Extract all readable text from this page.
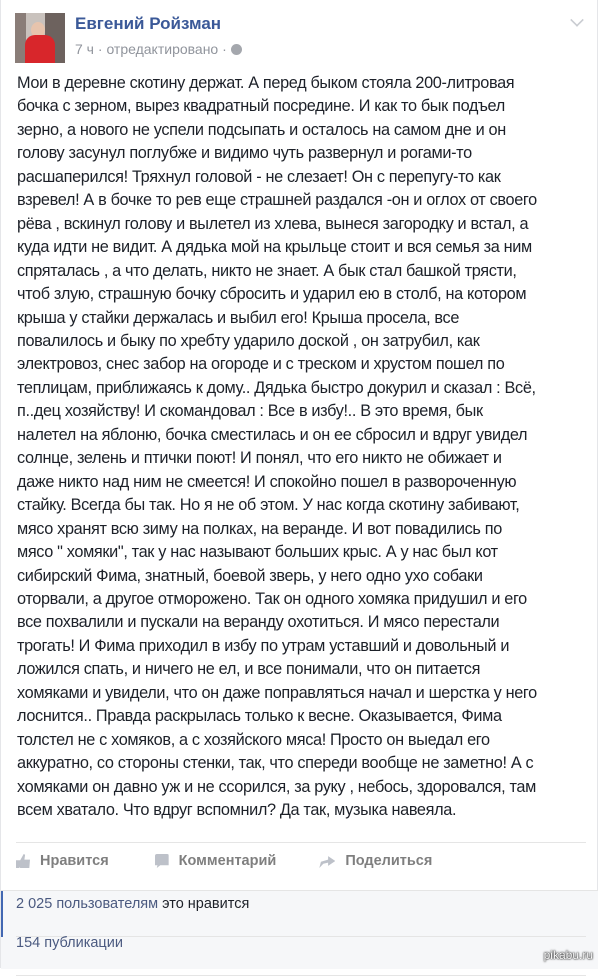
Евгений Ройзман
7 ч · отредактировано ·
Мои в деревне скотину держат. А перед быком стояла 200-литровая
бочка с зерном, вырез квадратный посредине. И как то бык подъел
зерно, а нового не успели подсыпать и осталось на самом дне и он
голову засунул поглубже и видимо чуть развернул и рогами-то
расшаперился! Тряхнул головой - не слезает! Он с перепугу-то как
взревел! А в бочке то рев еще страшней раздался -он и оглох от своего
рёва , вскинул голову и вылетел из хлева, вынеся загородку и встал, а
куда идти не видит. А дядька мой на крыльце стоит и вся семья за ним
спряталась , а что делать, никто не знает. А бык стал башкой трясти,
чтоб злую, страшную бочку сбросить и ударил ею в столб, на котором
крыша у стайки держалась и выбил его! Крыша просела, все
повалилось и быку по хребту ударило доской , он затрубил, как
электровоз, снес забор на огороде и с треском и хрустом пошел по
теплицам, приближаясь к дому.. Дядька быстро докурил и сказал : Всё,
п..дец хозяйству! И скомандовал : Все в избу!.. В это время, бык
налетел на яблоню, бочка сместилась и он ее сбросил и вдруг увидел
солнце, зелень и птички поют! И понял, что его никто не обижает и
даже никто над ним не смеется! И спокойно пошел в развороченную
стайку. Всегда бы так. Но я не об этом. У нас когда скотину забивают,
мясо хранят всю зиму на полках, на веранде. И вот повадились по
мясо " хомяки", так у нас называют больших крыс. А у нас был кот
сибирский Фима, знатный, боевой зверь, у него одно ухо собаки
оторвали, а другое отморожено. Так он одного хомяка придушил и его
все похвалили и пускали на веранду охотиться. И мясо перестали
трогать! И Фима приходил в избу по утрам уставший и довольный и
ложился спать, и ничего не ел, и все понимали, что он питается
хомяками и увидели, что он даже поправляться начал и шерстка у него
лоснится.. Правда раскрылась только к весне. Оказывается, Фима
толстел не с хомяков, а с хозяйского мяса! Просто он выедал его
аккуратно, со стороны стенки, так, что спереди вообще не заметно! А с
хомяками он давно уж и не ссорился, за руку , небось, здоровался, там
всем хватало. Что вдруг вспомнил? Да так, музыка навеяла.
Нравится	Комментарий	Поделиться
2 025 пользователям это нравится
154 публикации
pikabu.ru
